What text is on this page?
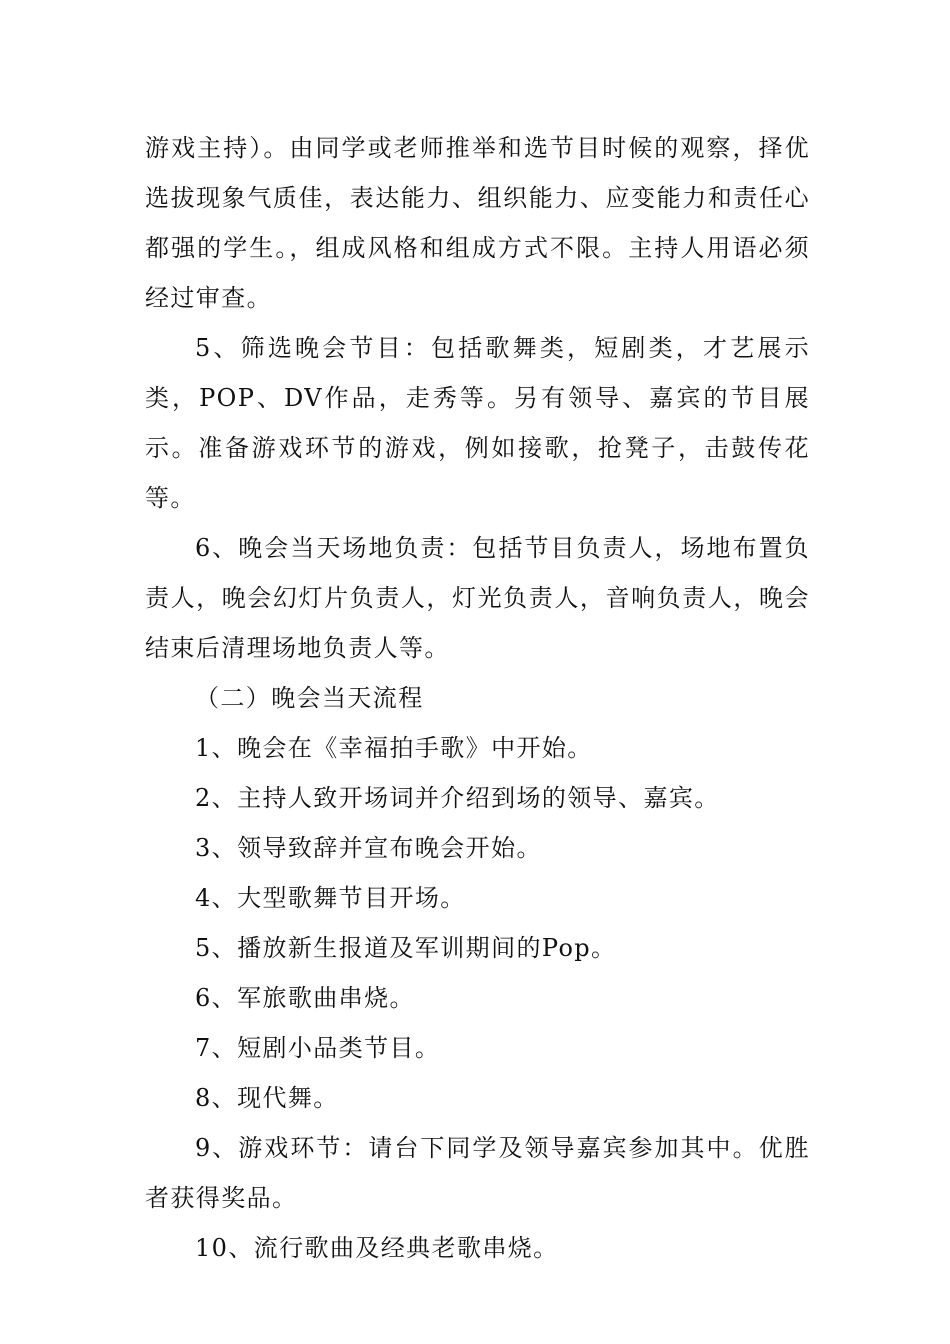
游戏主持）。由同学或老师推举和选节目时候的观察，择优选拔现象气质佳，表达能力、组织能力、应变能力和责任心都强的学生。，组成风格和组成方式不限。主持人用语必须经过审查。

5、筛选晚会节目：包括歌舞类，短剧类，才艺展示类，POP、DV作品，走秀等。另有领导、嘉宾的节目展示。准备游戏环节的游戏，例如接歌，抢凳子，击鼓传花等。

6、晚会当天场地负责：包括节目负责人，场地布置负责人，晚会幻灯片负责人，灯光负责人，音响负责人，晚会结束后清理场地负责人等。

（二）晚会当天流程

1、晚会在《幸福拍手歌》中开始。

2、主持人致开场词并介绍到场的领导、嘉宾。

3、领导致辞并宣布晚会开始。

4、大型歌舞节目开场。

5、播放新生报道及军训期间的Pop。

6、军旅歌曲串烧。

7、短剧小品类节目。

8、现代舞。

9、游戏环节：请台下同学及领导嘉宾参加其中。优胜者获得奖品。

10、流行歌曲及经典老歌串烧。
